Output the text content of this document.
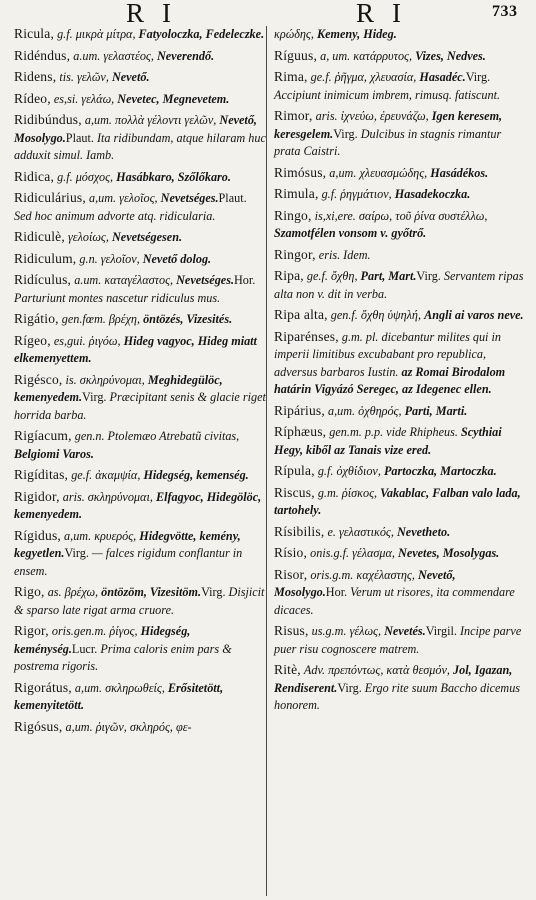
RI	RI	733
Ricula, g.f. μικρὰ μίτρα, Fatyoloczka, Fedeleczke.
Ridéndus, a.um. γελαστέος, Neverendő.
Ridens, tis. γελῶν, Nevető.
Rídeo, es,si. γελάω, Nevetec, Megnevetem.
Ridibúndus, a,um. πολλὰ γέλοντι γελῶν, Nevető, Mosolygo.Plaut. Ita ridibundam, atque hilaram huc adduxit simul. Iamb.
Ridica, g.f. μόσχος, Hasábkaro, Szőlőkaro.
Ridiculárius, a,um. γελοῖος, Nevetséges.Plaut. Sed hoc animum advorte atq. ridicularia.
Ridiculè, γελοίως, Nevetségesen.
Ridiculum, g.n. γελοῖον, Nevető dolog.
Ridículus, a.um. καταγέλαστος, Nevetséges.Hor. Parturiunt montes nascetur ridiculus mus.
Rigátio, gen.fœm. βρέχη, öntözés, Vizesités.
Rígeo, es,gui. ῥιγόω, Hideg vagyoc, Hideg miatt elkemenyettem.
Rigésco, is. σκληρύνομαι, Meghidegülöc, kemenyedem.Virg. Præcipitant senis & glacie riget horrida barba.
Rigíacum, gen.n. Ptolemæo Atrebatũ civitas, Belgiomi Varos.
Rigíditas, ge.f. ἀκαμψία, Hidegség, kemenség.
Rigidor, aris. σκληρύνομαι, Elfagyoc, Hidegölöc, kemenyedem.
Rígidus, a,um. κρυερός, Hidegvötte, kemény, kegyetlen.Virg. — falces rigidum conflantur in ensem.
Rigo, as. βρέχω, öntözöm, Vizesitöm.Virg. Disjicit & sparso late rigat arma cruore.
Rigor, oris.gen.m. ῥίγος, Hidegség, keménység.Lucr. Prima caloris enim pars & postrema rigoris.
Rigorátus, a,um. σκληρωθείς, Erősitetött, kemenyitetött.
Rigósus, a,um. ῥιγῶν, σκληρός, φε-
κρώδης, Kemeny, Hideg.
Ríguus, a, um. κατάρρυτος, Vizes, Nedves.
Rima, ge.f. ῥῆγμα, χλευασία, Hasadéc.Virg. Accipiunt inimicum imbrem, rimusq. fatiscunt.
Rimor, aris. ἰχνεύω, ἐρευνάζω, Igen keresem, keresgelem.Virg. Dulcibus in stagnis rimantur prata Caistri.
Rimósus, a,um. χλευασμώδης, Hasádékos.
Rimula, g.f. ῥηγμάτιον, Hasadekoczka.
Ringo, is,xi,ere. σαίρω, τοῦ ῥίνα συστέλλω, Szamotfélen vonsom v. győtrő.
Ringor, eris. Idem.
Ripa, ge.f. ὄχθη, Part, Mart.Virg. Servantem ripas alta non v. dit in verba.
Ripa alta, gen.f. ὄχθη ὑψηλή, Angli ai varos neve.
Riparénses, g.m. pl. dicebantur milites qui in imperii limitibus excubabant pro republica, adversus barbaros Iustin. az Romai Birodalom határin Vigyázó Seregec, az Idegenec ellen.
Ripárius, a,um. ὀχθηρός, Parti, Marti.
Ríphæus, gen.m. p.p. vide Rhipheus. Scythiai Hegy, kiből az Tanais vize ered.
Rípula, g.f. ὀχθίδιον, Partoczka, Martoczka.
Riscus, g.m. ῥίσκος, Vakablac, Falban valo lada, tartohely.
Rísibilis, e. γελαστικός, Nevetheto.
Rísio, onis.g.f. γέλασμα, Nevetes, Mosolygas.
Risor, oris.g.m. καχέλαστης, Nevető, Mosolygo.Hor. Verum ut risores, ita commendare dicaces.
Risus, us.g.m. γέλως, Nevetés.Virgil. Incipe parve puer risu cognoscere matrem.
Ritè, Adv. πρεπόντως, κατὰ θεσμόν, Jol, Igazan, Rendiserent.Virg. Ergo rite suum Baccho dicemus honorem.
